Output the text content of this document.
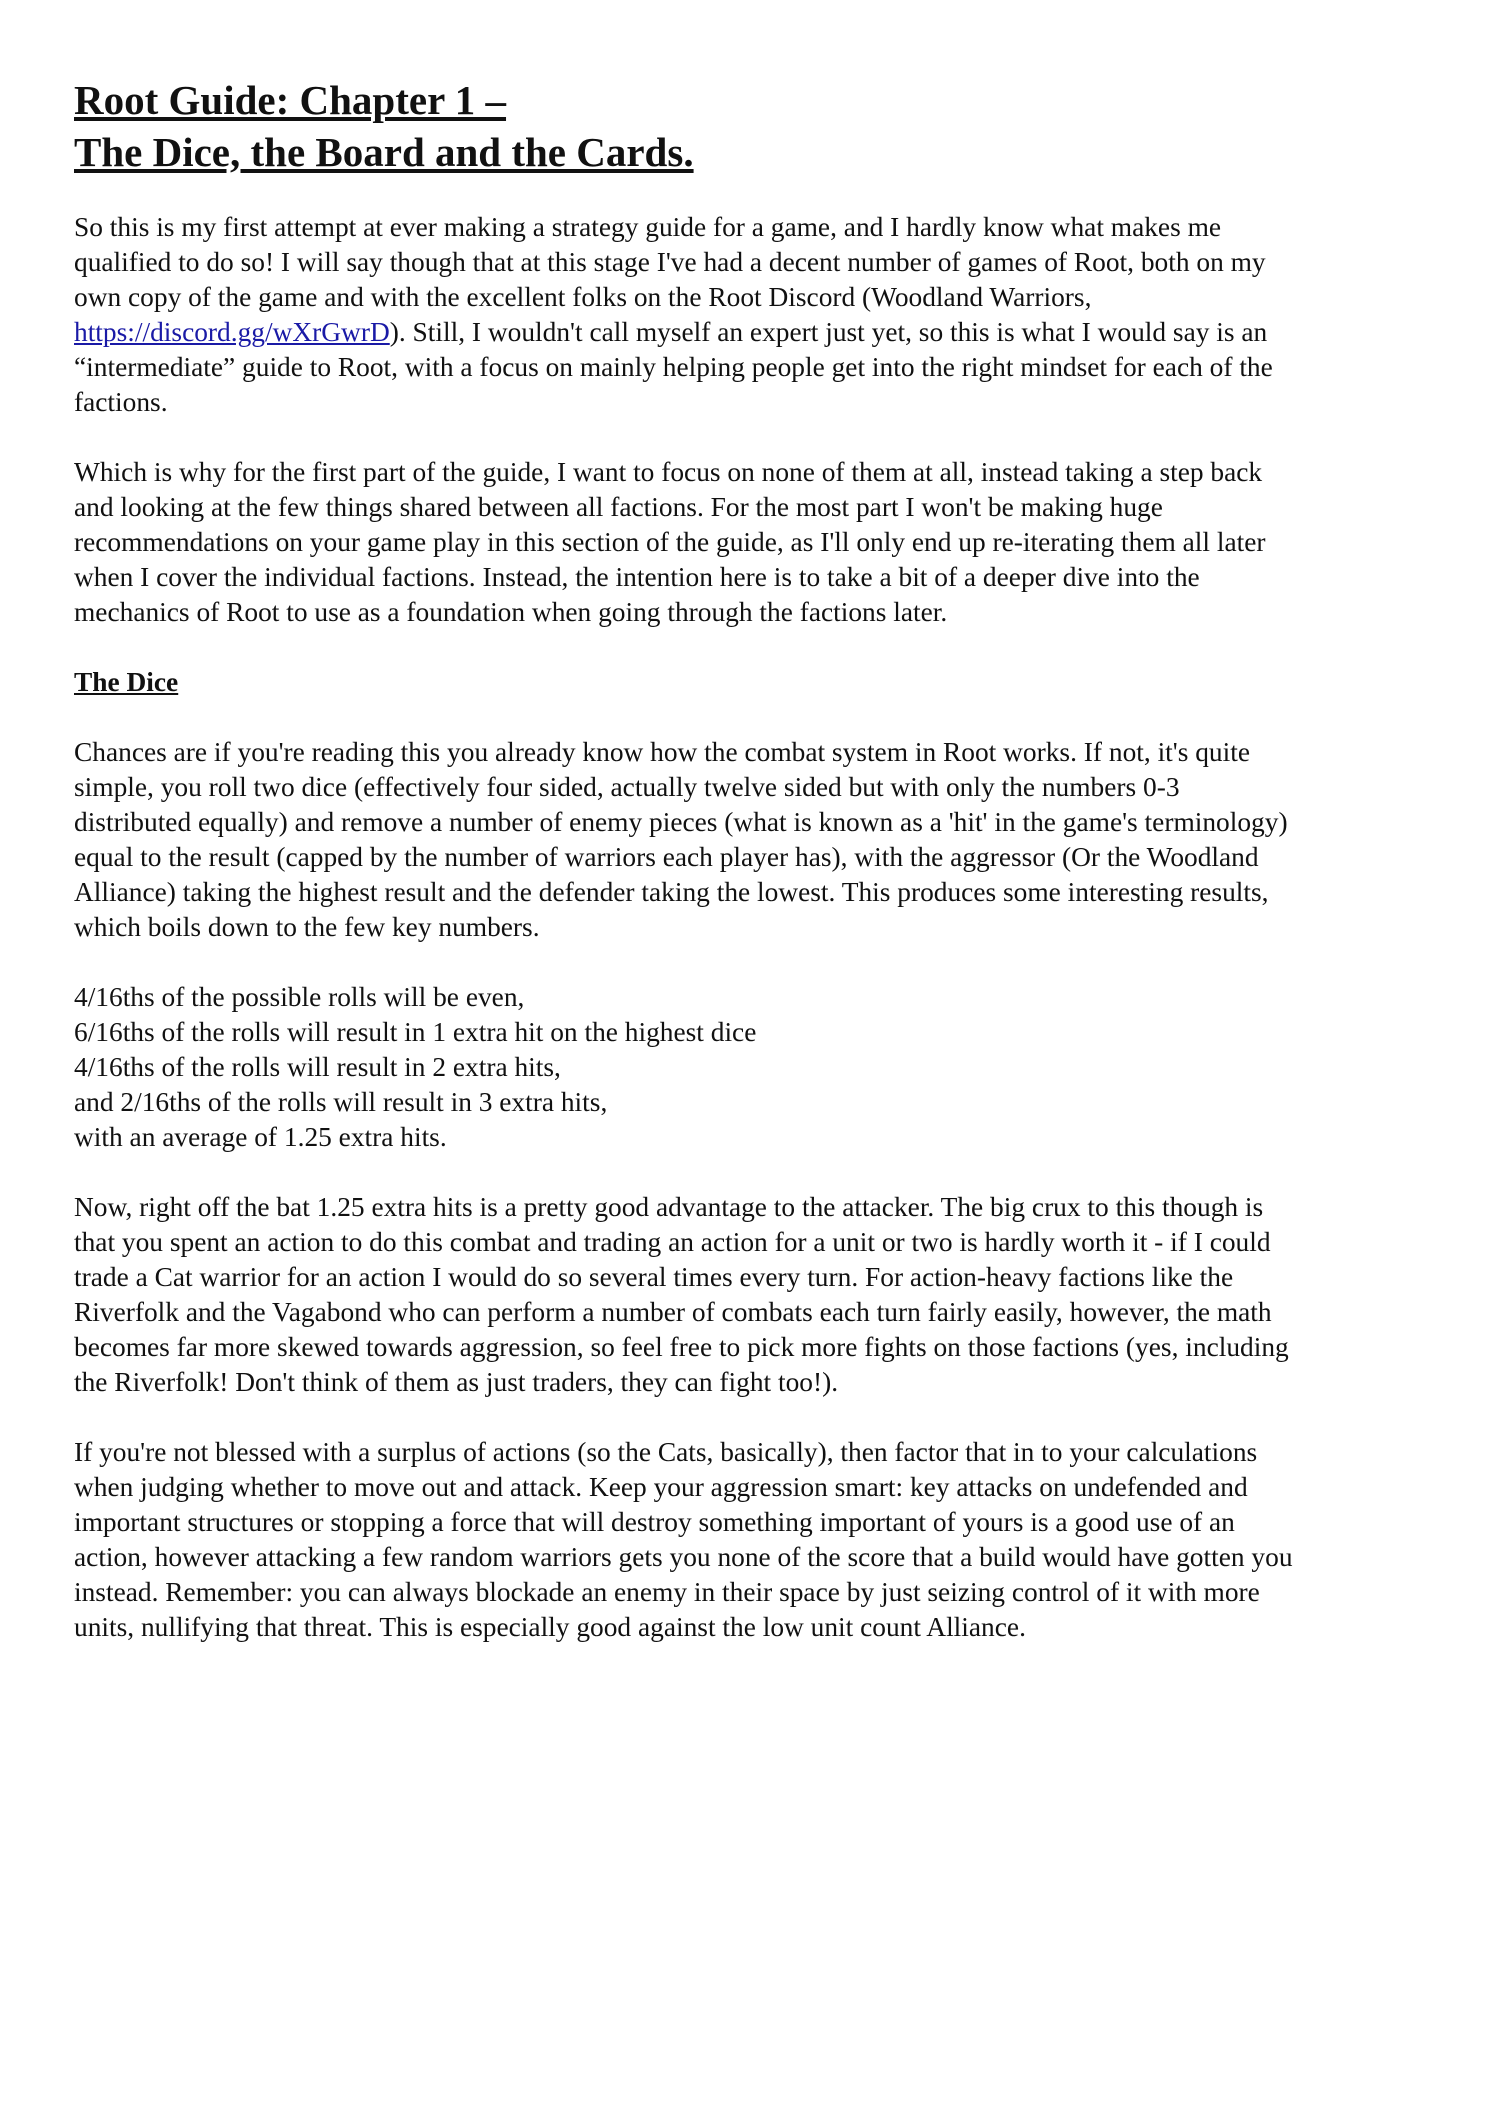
Root Guide: Chapter 1 –
The Dice, the Board and the Cards.
So this is my first attempt at ever making a strategy guide for a game, and I hardly know what makes me
qualified to do so! I will say though that at this stage I've had a decent number of games of Root, both on my
own copy of the game and with the excellent folks on the Root Discord (Woodland Warriors,
https://discord.gg/wXrGwrD). Still, I wouldn't call myself an expert just yet, so this is what I would say is an
“intermediate” guide to Root, with a focus on mainly helping people get into the right mindset for each of the
factions.
Which is why for the first part of the guide, I want to focus on none of them at all, instead taking a step back
and looking at the few things shared between all factions. For the most part I won't be making huge
recommendations on your game play in this section of the guide, as I'll only end up re-iterating them all later
when I cover the individual factions. Instead, the intention here is to take a bit of a deeper dive into the
mechanics of Root to use as a foundation when going through the factions later.
The Dice
Chances are if you're reading this you already know how the combat system in Root works. If not, it's quite
simple, you roll two dice (effectively four sided, actually twelve sided but with only the numbers 0-3
distributed equally) and remove a number of enemy pieces (what is known as a 'hit' in the game's terminology)
equal to the result (capped by the number of warriors each player has), with the aggressor (Or the Woodland
Alliance) taking the highest result and the defender taking the lowest. This produces some interesting results,
which boils down to the few key numbers.
4/16ths of the possible rolls will be even,
6/16ths of the rolls will result in 1 extra hit on the highest dice
4/16ths of the rolls will result in 2 extra hits,
and 2/16ths of the rolls will result in 3 extra hits,
with an average of 1.25 extra hits.
Now, right off the bat 1.25 extra hits is a pretty good advantage to the attacker. The big crux to this though is
that you spent an action to do this combat and trading an action for a unit or two is hardly worth it - if I could
trade a Cat warrior for an action I would do so several times every turn. For action-heavy factions like the
Riverfolk and the Vagabond who can perform a number of combats each turn fairly easily, however, the math
becomes far more skewed towards aggression, so feel free to pick more fights on those factions (yes, including
the Riverfolk! Don't think of them as just traders, they can fight too!).
If you're not blessed with a surplus of actions (so the Cats, basically), then factor that in to your calculations
when judging whether to move out and attack. Keep your aggression smart: key attacks on undefended and
important structures or stopping a force that will destroy something important of yours is a good use of an
action, however attacking a few random warriors gets you none of the score that a build would have gotten you
instead. Remember: you can always blockade an enemy in their space by just seizing control of it with more
units, nullifying that threat. This is especially good against the low unit count Alliance.
